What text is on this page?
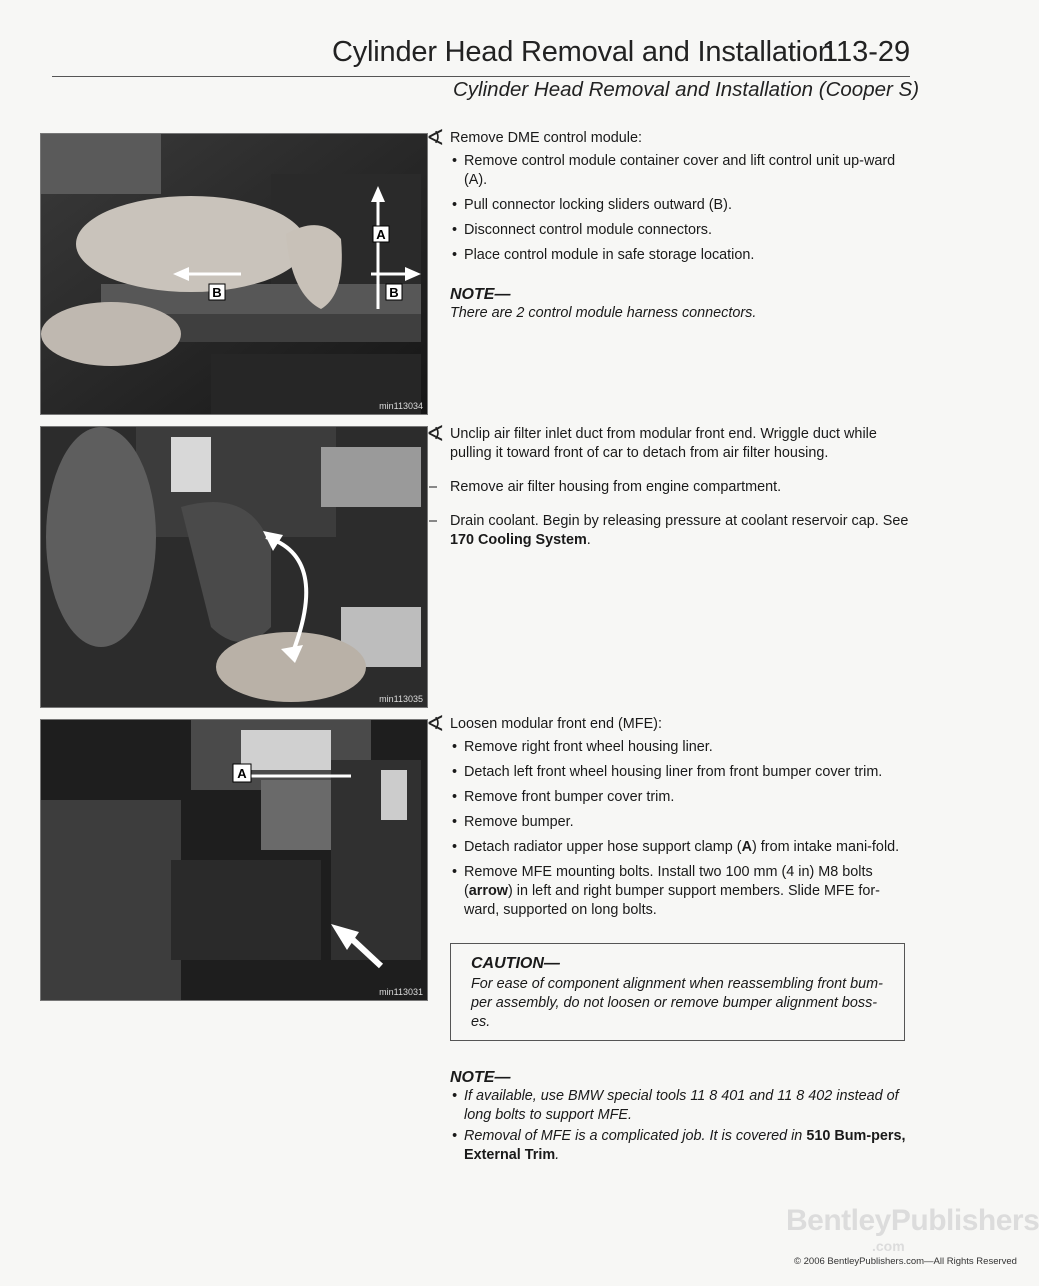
Cylinder Head Removal and Installation
113-29
Cylinder Head Removal and Installation (Cooper S)
A
B	B
min113034
min113035
A
min113031
∢ Remove DME control module:
• Remove control module container cover and lift control unit up-ward (A).
• Pull connector locking sliders outward (B).
• Disconnect control module connectors.
• Place control module in safe storage location.
NOTE—
There are 2 control module harness connectors.
∢ Unclip air filter inlet duct from modular front end. Wriggle duct while pulling it toward front of car to detach from air filter housing.
– Remove air filter housing from engine compartment.
– Drain coolant. Begin by releasing pressure at coolant reservoir cap. See 170 Cooling System.
∢ Loosen modular front end (MFE):
• Remove right front wheel housing liner.
• Detach left front wheel housing liner from front bumper cover trim.
• Remove front bumper cover trim.
• Remove bumper.
• Detach radiator upper hose support clamp (A) from intake mani-fold.
• Remove MFE mounting bolts. Install two 100 mm (4 in) M8 bolts (arrow) in left and right bumper support members. Slide MFE for-ward, supported on long bolts.
CAUTION—
For ease of component alignment when reassembling front bum-per assembly, do not loosen or remove bumper alignment boss-es.
NOTE—
• If available, use BMW special tools 11 8 401 and 11 8 402 instead of long bolts to support MFE.
• Removal of MFE is a complicated job. It is covered in 510 Bum-pers, External Trim.
BentleyPublishers
.com
© 2006 BentleyPublishers.com—All Rights Reserved
